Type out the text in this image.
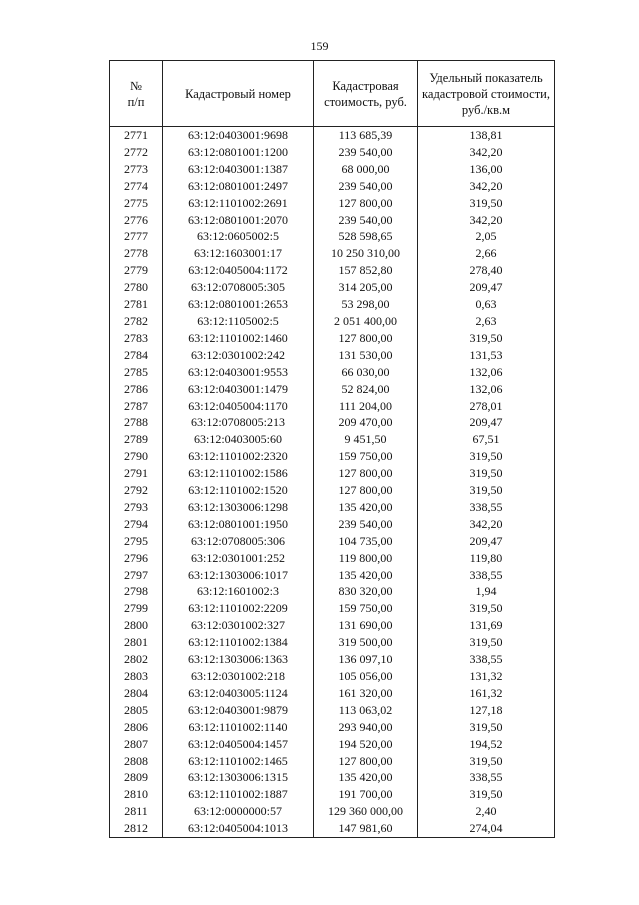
159
№
п/п	Кадастровый номер	Кадастровая стоимость, руб.	Удельный показатель кадастровой стоимости, руб./кв.м
2771	63:12:0403001:9698	113 685,39	138,81
2772	63:12:0801001:1200	239 540,00	342,20
2773	63:12:0403001:1387	68 000,00	136,00
2774	63:12:0801001:2497	239 540,00	342,20
2775	63:12:1101002:2691	127 800,00	319,50
2776	63:12:0801001:2070	239 540,00	342,20
2777	63:12:0605002:5	528 598,65	2,05
2778	63:12:1603001:17	10 250 310,00	2,66
2779	63:12:0405004:1172	157 852,80	278,40
2780	63:12:0708005:305	314 205,00	209,47
2781	63:12:0801001:2653	53 298,00	0,63
2782	63:12:1105002:5	2 051 400,00	2,63
2783	63:12:1101002:1460	127 800,00	319,50
2784	63:12:0301002:242	131 530,00	131,53
2785	63:12:0403001:9553	66 030,00	132,06
2786	63:12:0403001:1479	52 824,00	132,06
2787	63:12:0405004:1170	111 204,00	278,01
2788	63:12:0708005:213	209 470,00	209,47
2789	63:12:0403005:60	9 451,50	67,51
2790	63:12:1101002:2320	159 750,00	319,50
2791	63:12:1101002:1586	127 800,00	319,50
2792	63:12:1101002:1520	127 800,00	319,50
2793	63:12:1303006:1298	135 420,00	338,55
2794	63:12:0801001:1950	239 540,00	342,20
2795	63:12:0708005:306	104 735,00	209,47
2796	63:12:0301001:252	119 800,00	119,80
2797	63:12:1303006:1017	135 420,00	338,55
2798	63:12:1601002:3	830 320,00	1,94
2799	63:12:1101002:2209	159 750,00	319,50
2800	63:12:0301002:327	131 690,00	131,69
2801	63:12:1101002:1384	319 500,00	319,50
2802	63:12:1303006:1363	136 097,10	338,55
2803	63:12:0301002:218	105 056,00	131,32
2804	63:12:0403005:1124	161 320,00	161,32
2805	63:12:0403001:9879	113 063,02	127,18
2806	63:12:1101002:1140	293 940,00	319,50
2807	63:12:0405004:1457	194 520,00	194,52
2808	63:12:1101002:1465	127 800,00	319,50
2809	63:12:1303006:1315	135 420,00	338,55
2810	63:12:1101002:1887	191 700,00	319,50
2811	63:12:0000000:57	129 360 000,00	2,40
2812	63:12:0405004:1013	147 981,60	274,04
